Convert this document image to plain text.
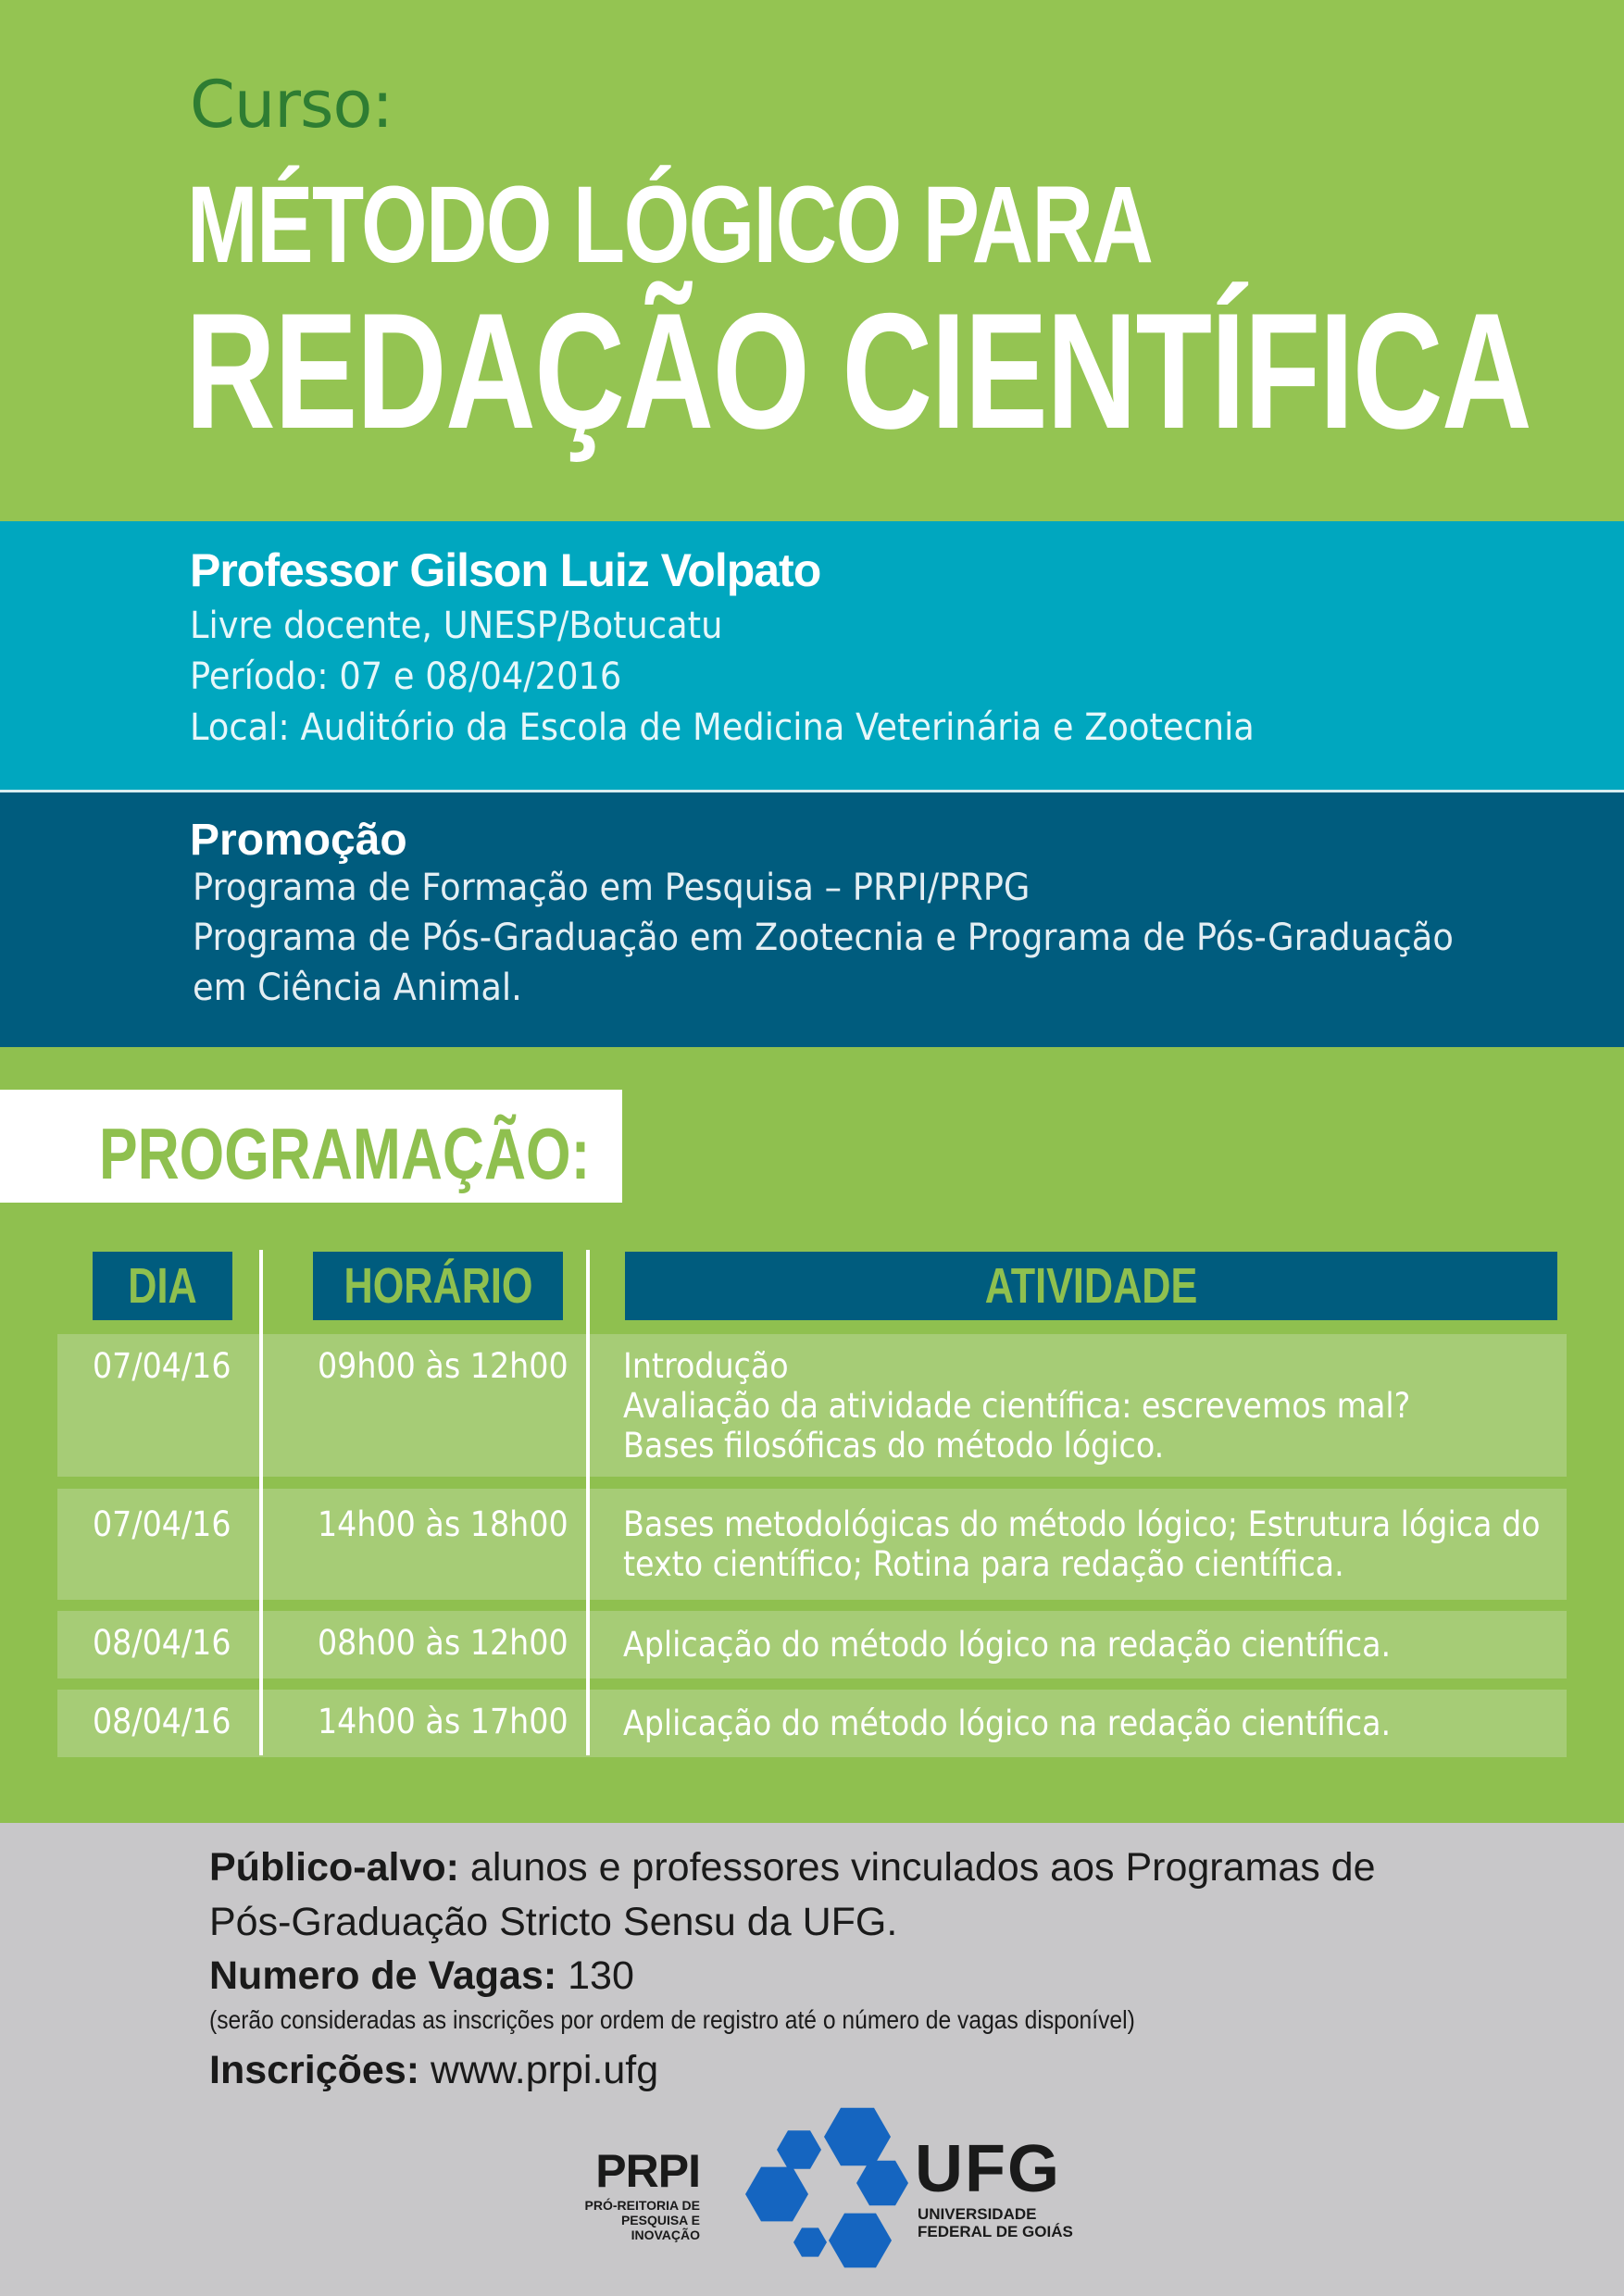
Curso:
MÉTODO LÓGICO PARA
REDAÇÃO CIENTÍFICA
Professor Gilson Luiz Volpato
Livre docente, UNESP/Botucatu
Período: 07 e 08/04/2016
Local: Auditório da Escola de Medicina Veterinária e Zootecnia
Promoção
Programa de Formação em Pesquisa – PRPI/PRPG
Programa de Pós-Graduação em Zootecnia e Programa de Pós-Graduação
em Ciência Animal.
PROGRAMAÇÃO:
DIA	HORÁRIO	ATIVIDADE
07/04/16	09h00 às 12h00 Introdução
Avaliação da atividade científica: escrevemos mal?
Bases filosóficas do método lógico.
07/04/16	14h00 às 18h00 Bases metodológicas do método lógico; Estrutura lógica do
texto científico; Rotina para redação científica.
08/04/16	08h00 às 12h00 Aplicação do método lógico na redação científica.
08/04/16	14h00 às 17h00 Aplicação do método lógico na redação científica.
Público-alvo: alunos e professores vinculados aos Programas de
Pós-Graduação Stricto Sensu da UFG.
Numero de Vagas: 130
(serão consideradas as inscrições por ordem de registro até o número de vagas disponível)
Inscrições: www.prpi.ufg
PRPI
PRÓ-REITORIA DE
PESQUISA E INOVAÇÃO
UFG
UNIVERSIDADE
FEDERAL DE GOIÁS
